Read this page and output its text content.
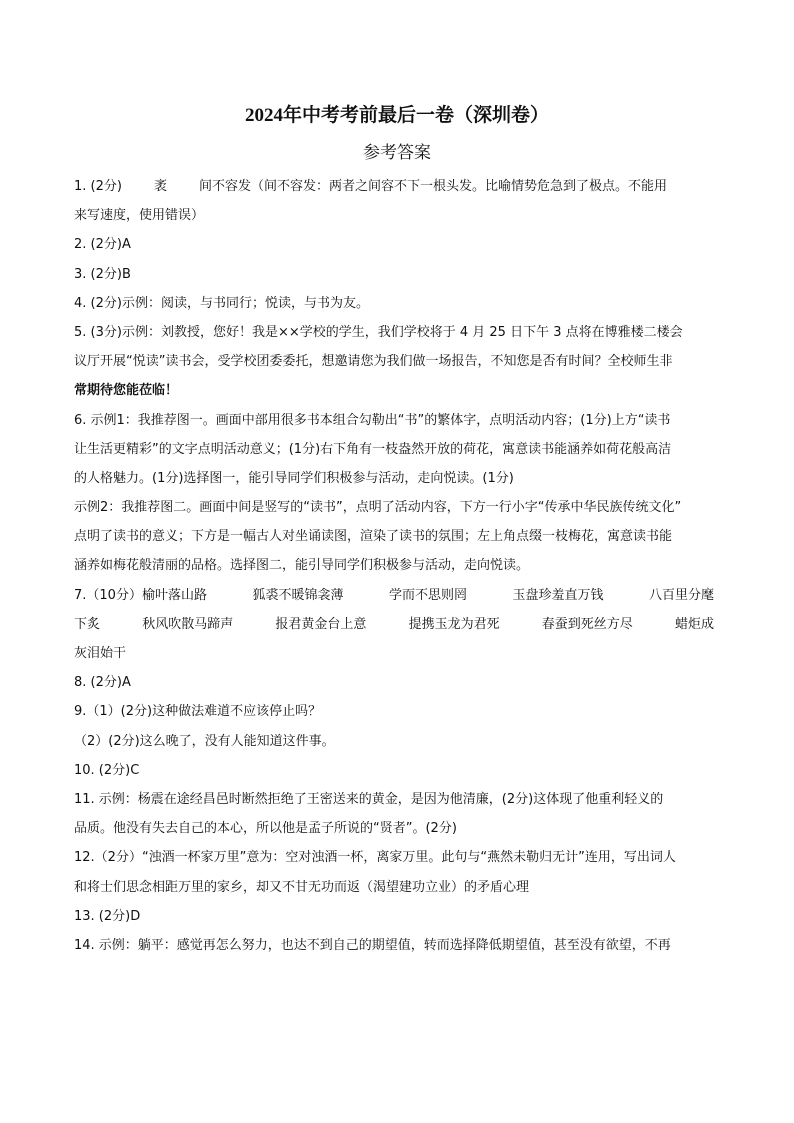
2024年中考考前最后一卷（深圳卷）
参考答案
1. (2分) 袤 间不容发（间不容发：两者之间容不下一根头发。比喻情势危急到了极点。不能用
来写速度，使用错误）
2. (2分)A
3. (2分)B
4. (2分)示例：阅读，与书同行；悦读，与书为友。
5. (3分)示例：刘教授，您好！我是××学校的学生，我们学校将于 4 月 25 日下午 3 点将在博雅楼二楼会
议厅开展“悦读”读书会，受学校团委委托，想邀请您为我们做一场报告，不知您是否有时间？全校师生非
常期待您能莅临！
6. 示例1：我推荐图一。画面中部用很多书本组合勾勒出“书”的繁体字，点明活动内容；(1分)上方“读书
让生活更精彩”的文字点明活动意义；(1分)右下角有一枝盎然开放的荷花，寓意读书能涵养如荷花般高洁
的人格魅力。(1分)选择图一，能引导同学们积极参与活动，走向悦读。(1分)
示例2：我推荐图二。画面中间是竖写的“读书”，点明了活动内容，下方一行小字“传承中华民族传统文化”
点明了读书的意义；下方是一幅古人对坐诵读图，渲染了读书的氛围；左上角点缀一枝梅花，寓意读书能
涵养如梅花般清丽的品格。选择图二，能引导同学们积极参与活动，走向悦读。
7.（10分）榆叶落山路	狐裘不暖锦衾薄	学而不思则罔	玉盘珍羞直万钱	八百里分麾
下炙	秋风吹散马蹄声	报君黄金台上意	提携玉龙为君死	春蚕到死丝方尽	蜡炬成
灰泪始干
8. (2分)A
9.（1）(2分)这种做法难道不应该停止吗？
（2）(2分)这么晚了，没有人能知道这件事。
10. (2分)C
11. 示例：杨震在途经昌邑时断然拒绝了王密送来的黄金，是因为他清廉，(2分)这体现了他重利轻义的
品质。他没有失去自己的本心，所以他是孟子所说的“贤者”。(2分)
12.（2分）“浊酒一杯家万里”意为：空对浊酒一杯，离家万里。此句与“燕然未勒归无计”连用，写出词人
和将士们思念相距万里的家乡，却又不甘无功而返（渴望建功立业）的矛盾心理
13. (2分)D
14. 示例：躺平：感觉再怎么努力，也达不到自己的期望值，转而选择降低期望值，甚至没有欲望，不再
